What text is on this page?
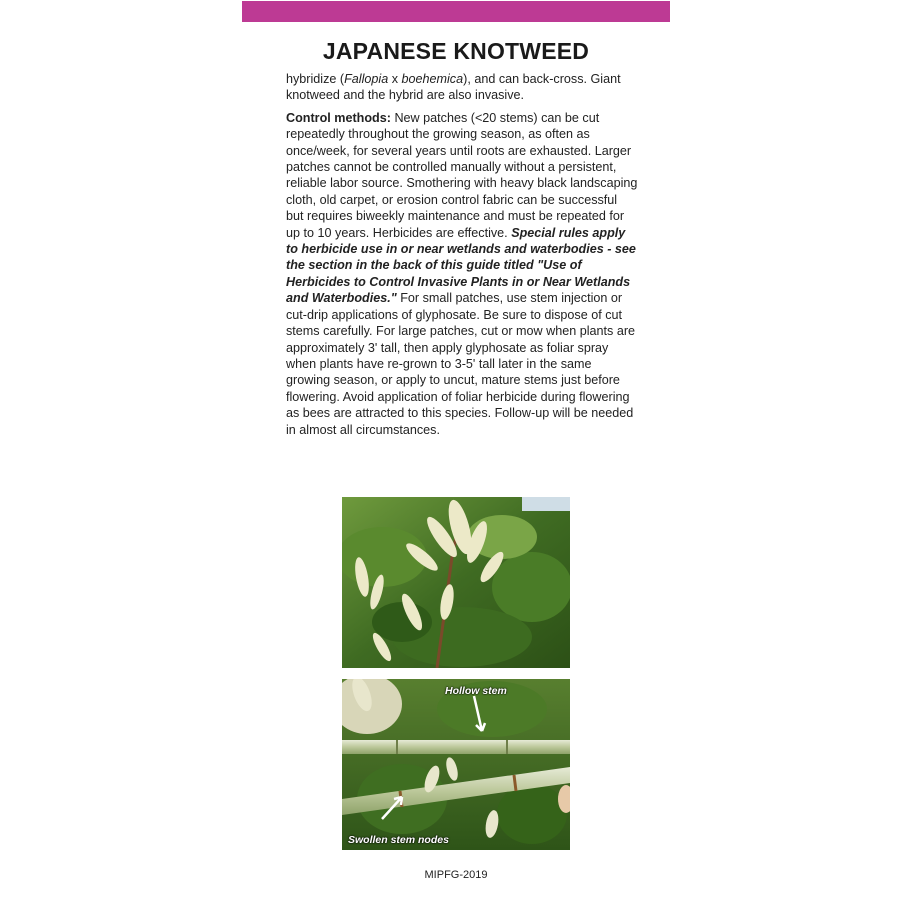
JAPANESE KNOTWEED

hybridize (Fallopia x boehemica), and can back-cross. Giant knotweed and the hybrid are also invasive.

Control methods: New patches (<20 stems) can be cut repeatedly throughout the growing season, as often as once/week, for several years until roots are exhausted. Larger patches cannot be controlled manually without a persistent, reliable labor source. Smothering with heavy black landscaping cloth, old carpet, or erosion control fabric can be successful but requires biweekly maintenance and must be repeated for up to 10 years. Herbicides are effective. Special rules apply to herbicide use in or near wetlands and waterbodies - see the section in the back of this guide titled "Use of Herbicides to Control Invasive Plants in or Near Wetlands and Waterbodies." For small patches, use stem injection or cut-drip applications of glyphosate. Be sure to dispose of cut stems carefully. For large patches, cut or mow when plants are approximately 3' tall, then apply glyphosate as foliar spray when plants have re-grown to 3-5' tall later in the same growing season, or apply to uncut, mature stems just before flowering. Avoid application of foliar herbicide during flowering as bees are attracted to this species. Follow-up will be needed in almost all circumstances.

Hollow stem
Swollen stem nodes
MIPFG-2019
